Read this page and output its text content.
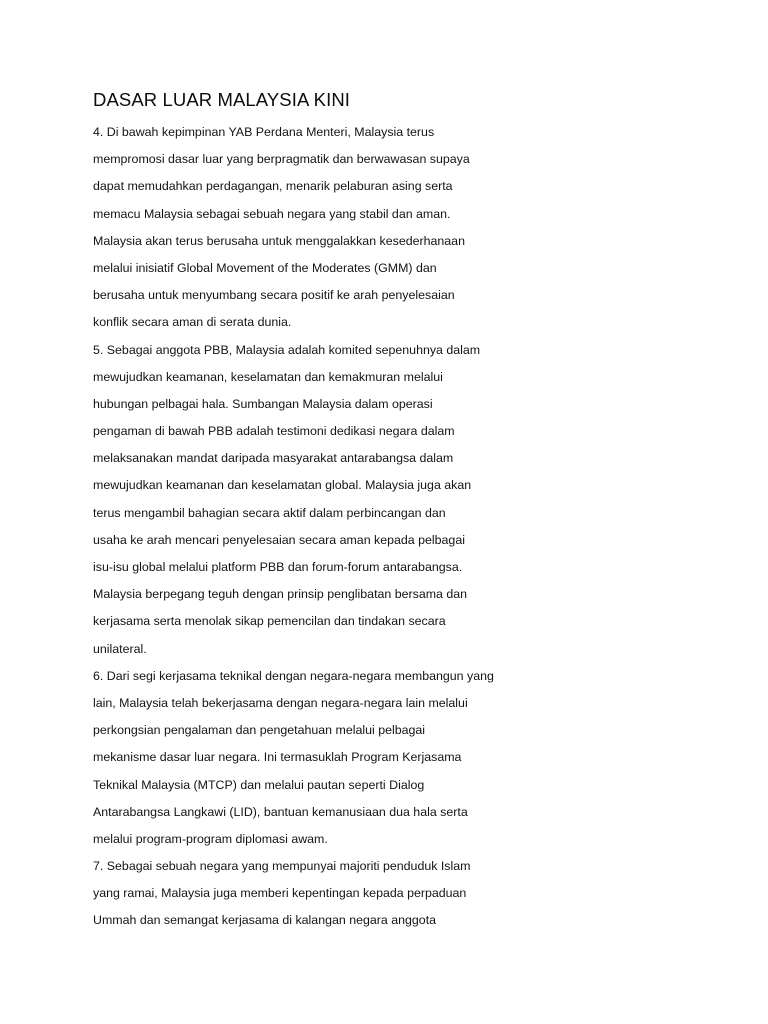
DASAR LUAR MALAYSIA KINI
4. Di bawah kepimpinan YAB Perdana Menteri, Malaysia terus
mempromosi dasar luar yang berpragmatik dan berwawasan supaya
dapat memudahkan perdagangan, menarik pelaburan asing serta
memacu Malaysia sebagai sebuah negara yang stabil dan aman.
Malaysia akan terus berusaha untuk menggalakkan kesederhanaan
melalui inisiatif Global Movement of the Moderates (GMM) dan
berusaha untuk menyumbang secara positif ke arah penyelesaian
konflik secara aman di serata dunia.
5. Sebagai anggota PBB, Malaysia adalah komited sepenuhnya dalam
mewujudkan keamanan, keselamatan dan kemakmuran melalui
hubungan pelbagai hala. Sumbangan Malaysia dalam operasi
pengaman di bawah PBB adalah testimoni dedikasi negara dalam
melaksanakan mandat daripada masyarakat antarabangsa dalam
mewujudkan keamanan dan keselamatan global. Malaysia juga akan
terus mengambil bahagian secara aktif dalam perbincangan dan
usaha ke arah mencari penyelesaian secara aman kepada pelbagai
isu-isu global melalui platform PBB dan forum-forum antarabangsa.
Malaysia berpegang teguh dengan prinsip penglibatan bersama dan
kerjasama serta menolak sikap pemencilan dan tindakan secara
unilateral.
6. Dari segi kerjasama teknikal dengan negara-negara membangun yang
lain, Malaysia telah bekerjasama dengan negara-negara lain melalui
perkongsian pengalaman dan pengetahuan melalui pelbagai
mekanisme dasar luar negara. Ini termasuklah Program Kerjasama
Teknikal Malaysia (MTCP) dan melalui pautan seperti Dialog
Antarabangsa Langkawi (LID), bantuan kemanusiaan dua hala serta
melalui program-program diplomasi awam.
7. Sebagai sebuah negara yang mempunyai majoriti penduduk Islam
yang ramai, Malaysia juga memberi kepentingan kepada perpaduan
Ummah dan semangat kerjasama di kalangan negara anggota
